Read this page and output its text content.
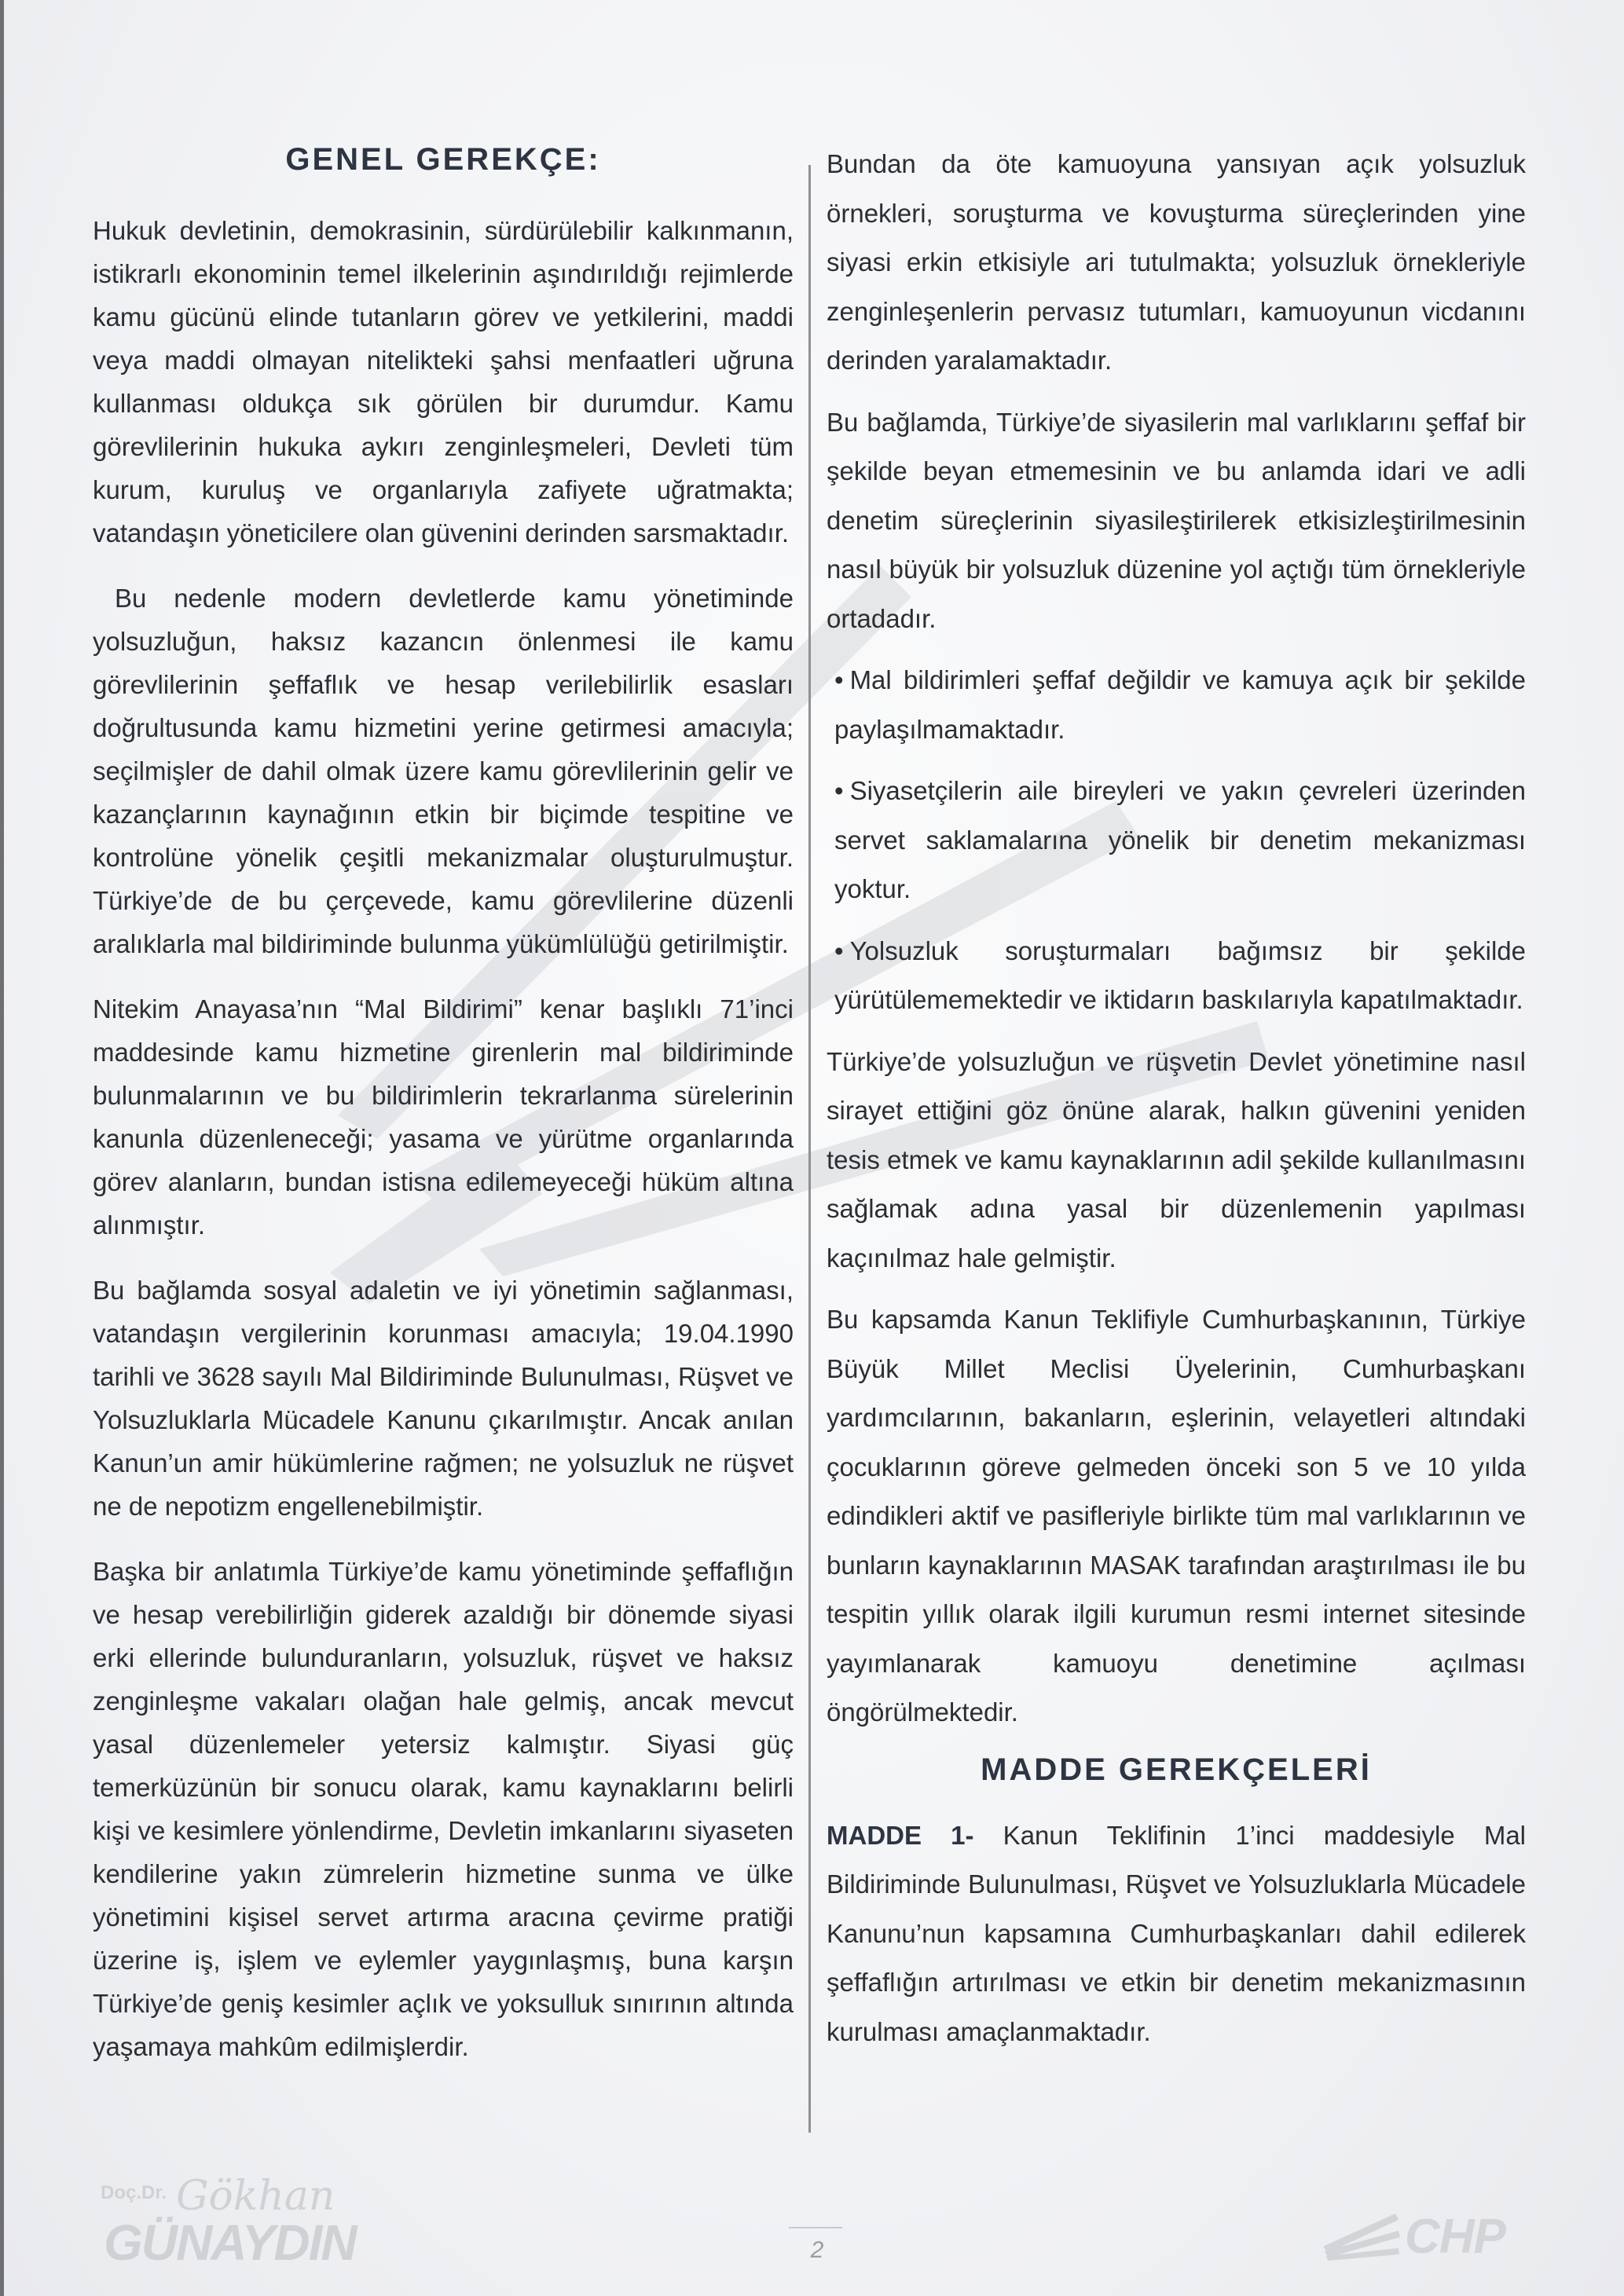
GENEL GEREKÇE:

Hukuk devletinin, demokrasinin, sürdürülebilir kalkınmanın, istikrarlı ekonominin temel ilkelerinin aşındırıldığı rejimlerde kamu gücünü elinde tutanların görev ve yetkilerini, maddi veya maddi olmayan nitelikteki şahsi menfaatleri uğruna kullanması oldukça sık görülen bir durumdur. Kamu görevlilerinin hukuka aykırı zenginleşmeleri, Devleti tüm kurum, kuruluş ve organlarıyla zafiyete uğratmakta; vatandaşın yöneticilere olan güvenini derinden sarsmaktadır.

Bu nedenle modern devletlerde kamu yönetiminde yolsuzluğun, haksız kazancın önlenmesi ile kamu görevlilerinin şeffaflık ve hesap verilebilirlik esasları doğrultusunda kamu hizmetini yerine getirmesi amacıyla; seçilmişler de dahil olmak üzere kamu görevlilerinin gelir ve kazançlarının kaynağının etkin bir biçimde tespitine ve kontrolüne yönelik çeşitli mekanizmalar oluşturulmuştur. Türkiye’de de bu çerçevede, kamu görevlilerine düzenli aralıklarla mal bildiriminde bulunma yükümlülüğü getirilmiştir.

Nitekim Anayasa’nın “Mal Bildirimi” kenar başlıklı 71’inci maddesinde kamu hizmetine girenlerin mal bildiriminde bulunmalarının ve bu bildirimlerin tekrarlanma sürelerinin kanunla düzenleneceği; yasama ve yürütme organlarında görev alanların, bundan istisna edilemeyeceği hüküm altına alınmıştır.

Bu bağlamda sosyal adaletin ve iyi yönetimin sağlanması, vatandaşın vergilerinin korunması amacıyla; 19.04.1990 tarihli ve 3628 sayılı Mal Bildiriminde Bulunulması, Rüşvet ve Yolsuzluklarla Mücadele Kanunu çıkarılmıştır. Ancak anılan Kanun’un amir hükümlerine rağmen; ne yolsuzluk ne rüşvet ne de nepotizm engellenebilmiştir.

Başka bir anlatımla Türkiye’de kamu yönetiminde şeffaflığın ve hesap verebilirliğin giderek azaldığı bir dönemde siyasi erki ellerinde bulunduranların, yolsuzluk, rüşvet ve haksız zenginleşme vakaları olağan hale gelmiş, ancak mevcut yasal düzenlemeler yetersiz kalmıştır. Siyasi güç temerküzünün bir sonucu olarak, kamu kaynaklarını belirli kişi ve kesimlere yönlendirme, Devletin imkanlarını siyaseten kendilerine yakın zümrelerin hizmetine sunma ve ülke yönetimini kişisel servet artırma aracına çevirme pratiği üzerine iş, işlem ve eylemler yaygınlaşmış, buna karşın Türkiye’de geniş kesimler açlık ve yoksulluk sınırının altında yaşamaya mahkûm edilmişlerdir.

Bundan da öte kamuoyuna yansıyan açık yolsuzluk örnekleri, soruşturma ve kovuşturma süreçlerinden yine siyasi erkin etkisiyle ari tutulmakta; yolsuzluk örnekleriyle zenginleşenlerin pervasız tutumları, kamuoyunun vicdanını derinden yaralamaktadır.

Bu bağlamda, Türkiye’de siyasilerin mal varlıklarını şeffaf bir şekilde beyan etmemesinin ve bu anlamda idari ve adli denetim süreçlerinin siyasileştirilerek etkisizleştirilmesinin nasıl büyük bir yolsuzluk düzenine yol açtığı tüm örnekleriyle ortadadır.

• Mal bildirimleri şeffaf değildir ve kamuya açık bir şekilde paylaşılmamaktadır.
• Siyasetçilerin aile bireyleri ve yakın çevreleri üzerinden servet saklamalarına yönelik bir denetim mekanizması yoktur.
• Yolsuzluk soruşturmaları bağımsız bir şekilde yürütülememektedir ve iktidarın baskılarıyla kapatılmaktadır.

Türkiye’de yolsuzluğun ve rüşvetin Devlet yönetimine nasıl sirayet ettiğini göz önüne alarak, halkın güvenini yeniden tesis etmek ve kamu kaynaklarının adil şekilde kullanılmasını sağlamak adına yasal bir düzenlemenin yapılması kaçınılmaz hale gelmiştir.

Bu kapsamda Kanun Teklifiyle Cumhurbaşkanının, Türkiye Büyük Millet Meclisi Üyelerinin, Cumhurbaşkanı yardımcılarının, bakanların, eşlerinin, velayetleri altındaki çocuklarının göreve gelmeden önceki son 5 ve 10 yılda edindikleri aktif ve pasifleriyle birlikte tüm mal varlıklarının ve bunların kaynaklarının MASAK tarafından araştırılması ile bu tespitin yıllık olarak ilgili kurumun resmi internet sitesinde yayımlanarak kamuoyu denetimine açılması öngörülmektedir.

MADDE GEREKÇELERİ

MADDE 1- Kanun Teklifinin 1’inci maddesiyle Mal Bildiriminde Bulunulması, Rüşvet ve Yolsuzluklarla Mücadele Kanunu’nun kapsamına Cumhurbaşkanları dahil edilerek şeffaflığın artırılması ve etkin bir denetim mekanizmasının kurulması amaçlanmaktadır.

Doç.Dr. Gökhan
GÜNAYDIN	2	CHP
